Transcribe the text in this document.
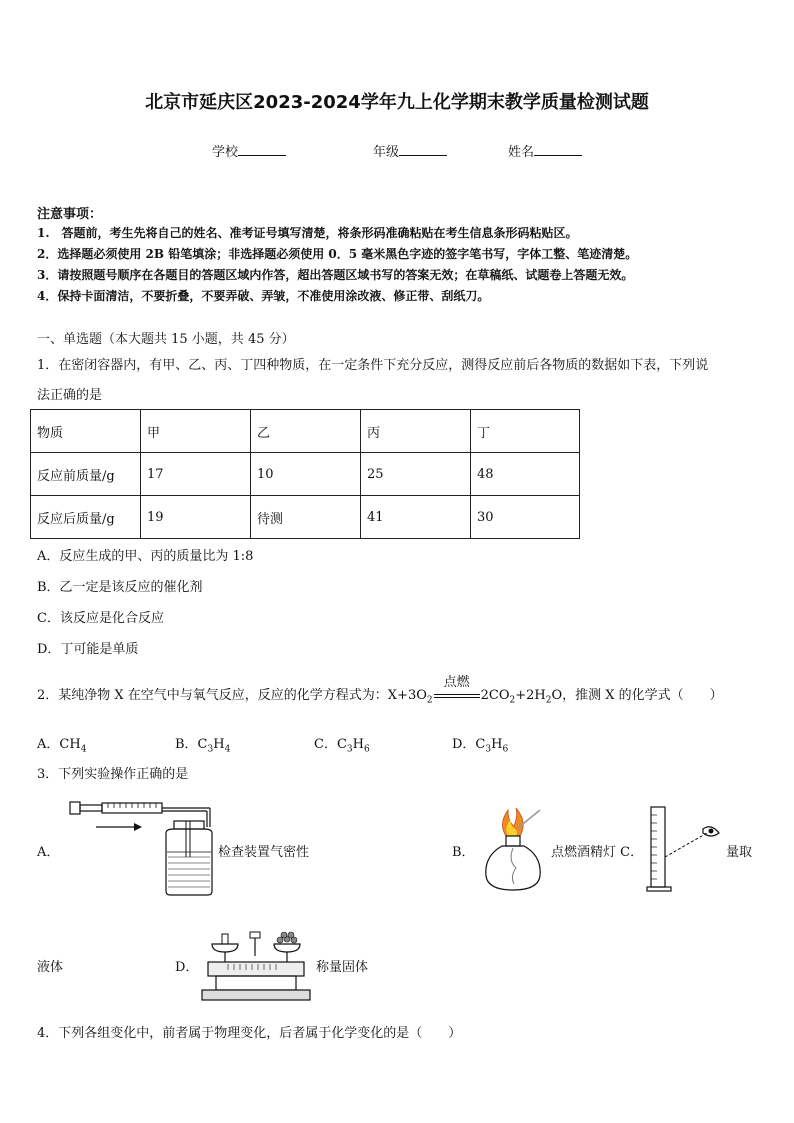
北京市延庆区2023-2024学年九上化学期末教学质量检测试题
学校	年级	姓名
注意事项：
1.　答题前，考生先将自己的姓名、准考证号填写清楚，将条形码准确粘贴在考生信息条形码粘贴区。
2．选择题必须使用 2B 铅笔填涂；非选择题必须使用 0．5 毫米黑色字迹的签字笔书写，字体工整、笔迹清楚。
3．请按照题号顺序在各题目的答题区域内作答，超出答题区域书写的答案无效；在草稿纸、试题卷上答题无效。
4．保持卡面清洁，不要折叠，不要弄破、弄皱，不准使用涂改液、修正带、刮纸刀。
一、单选题（本大题共 15 小题，共 45 分）
1．在密闭容器内，有甲、乙、丙、丁四种物质，在一定条件下充分反应，测得反应前后各物质的数据如下表，下列说
法正确的是
物质	甲	乙	丙	丁
反应前质量/g	17	10	25	48
反应后质量/g	19	待测	41	30
A．反应生成的甲、丙的质量比为 1:8
B．乙一定是该反应的催化剂
C．该反应是化合反应
D．丁可能是单质
2．某纯净物 X 在空气中与氧气反应，反应的化学方程式为：$X+3O_2$
点燃
$2CO_2+2H_2O$，推测 X 的化学式（　　）
A．$CH_4$	B．$C_3H_4$	C．$C_3H_6$	D．$C_3H_6$
3．下列实验操作正确的是
A．	检查装置气密性	B．	点燃酒精灯 C．	量取
液体	D．	称量固体
4．下列各组变化中，前者属于物理变化，后者属于化学变化的是（　　）
